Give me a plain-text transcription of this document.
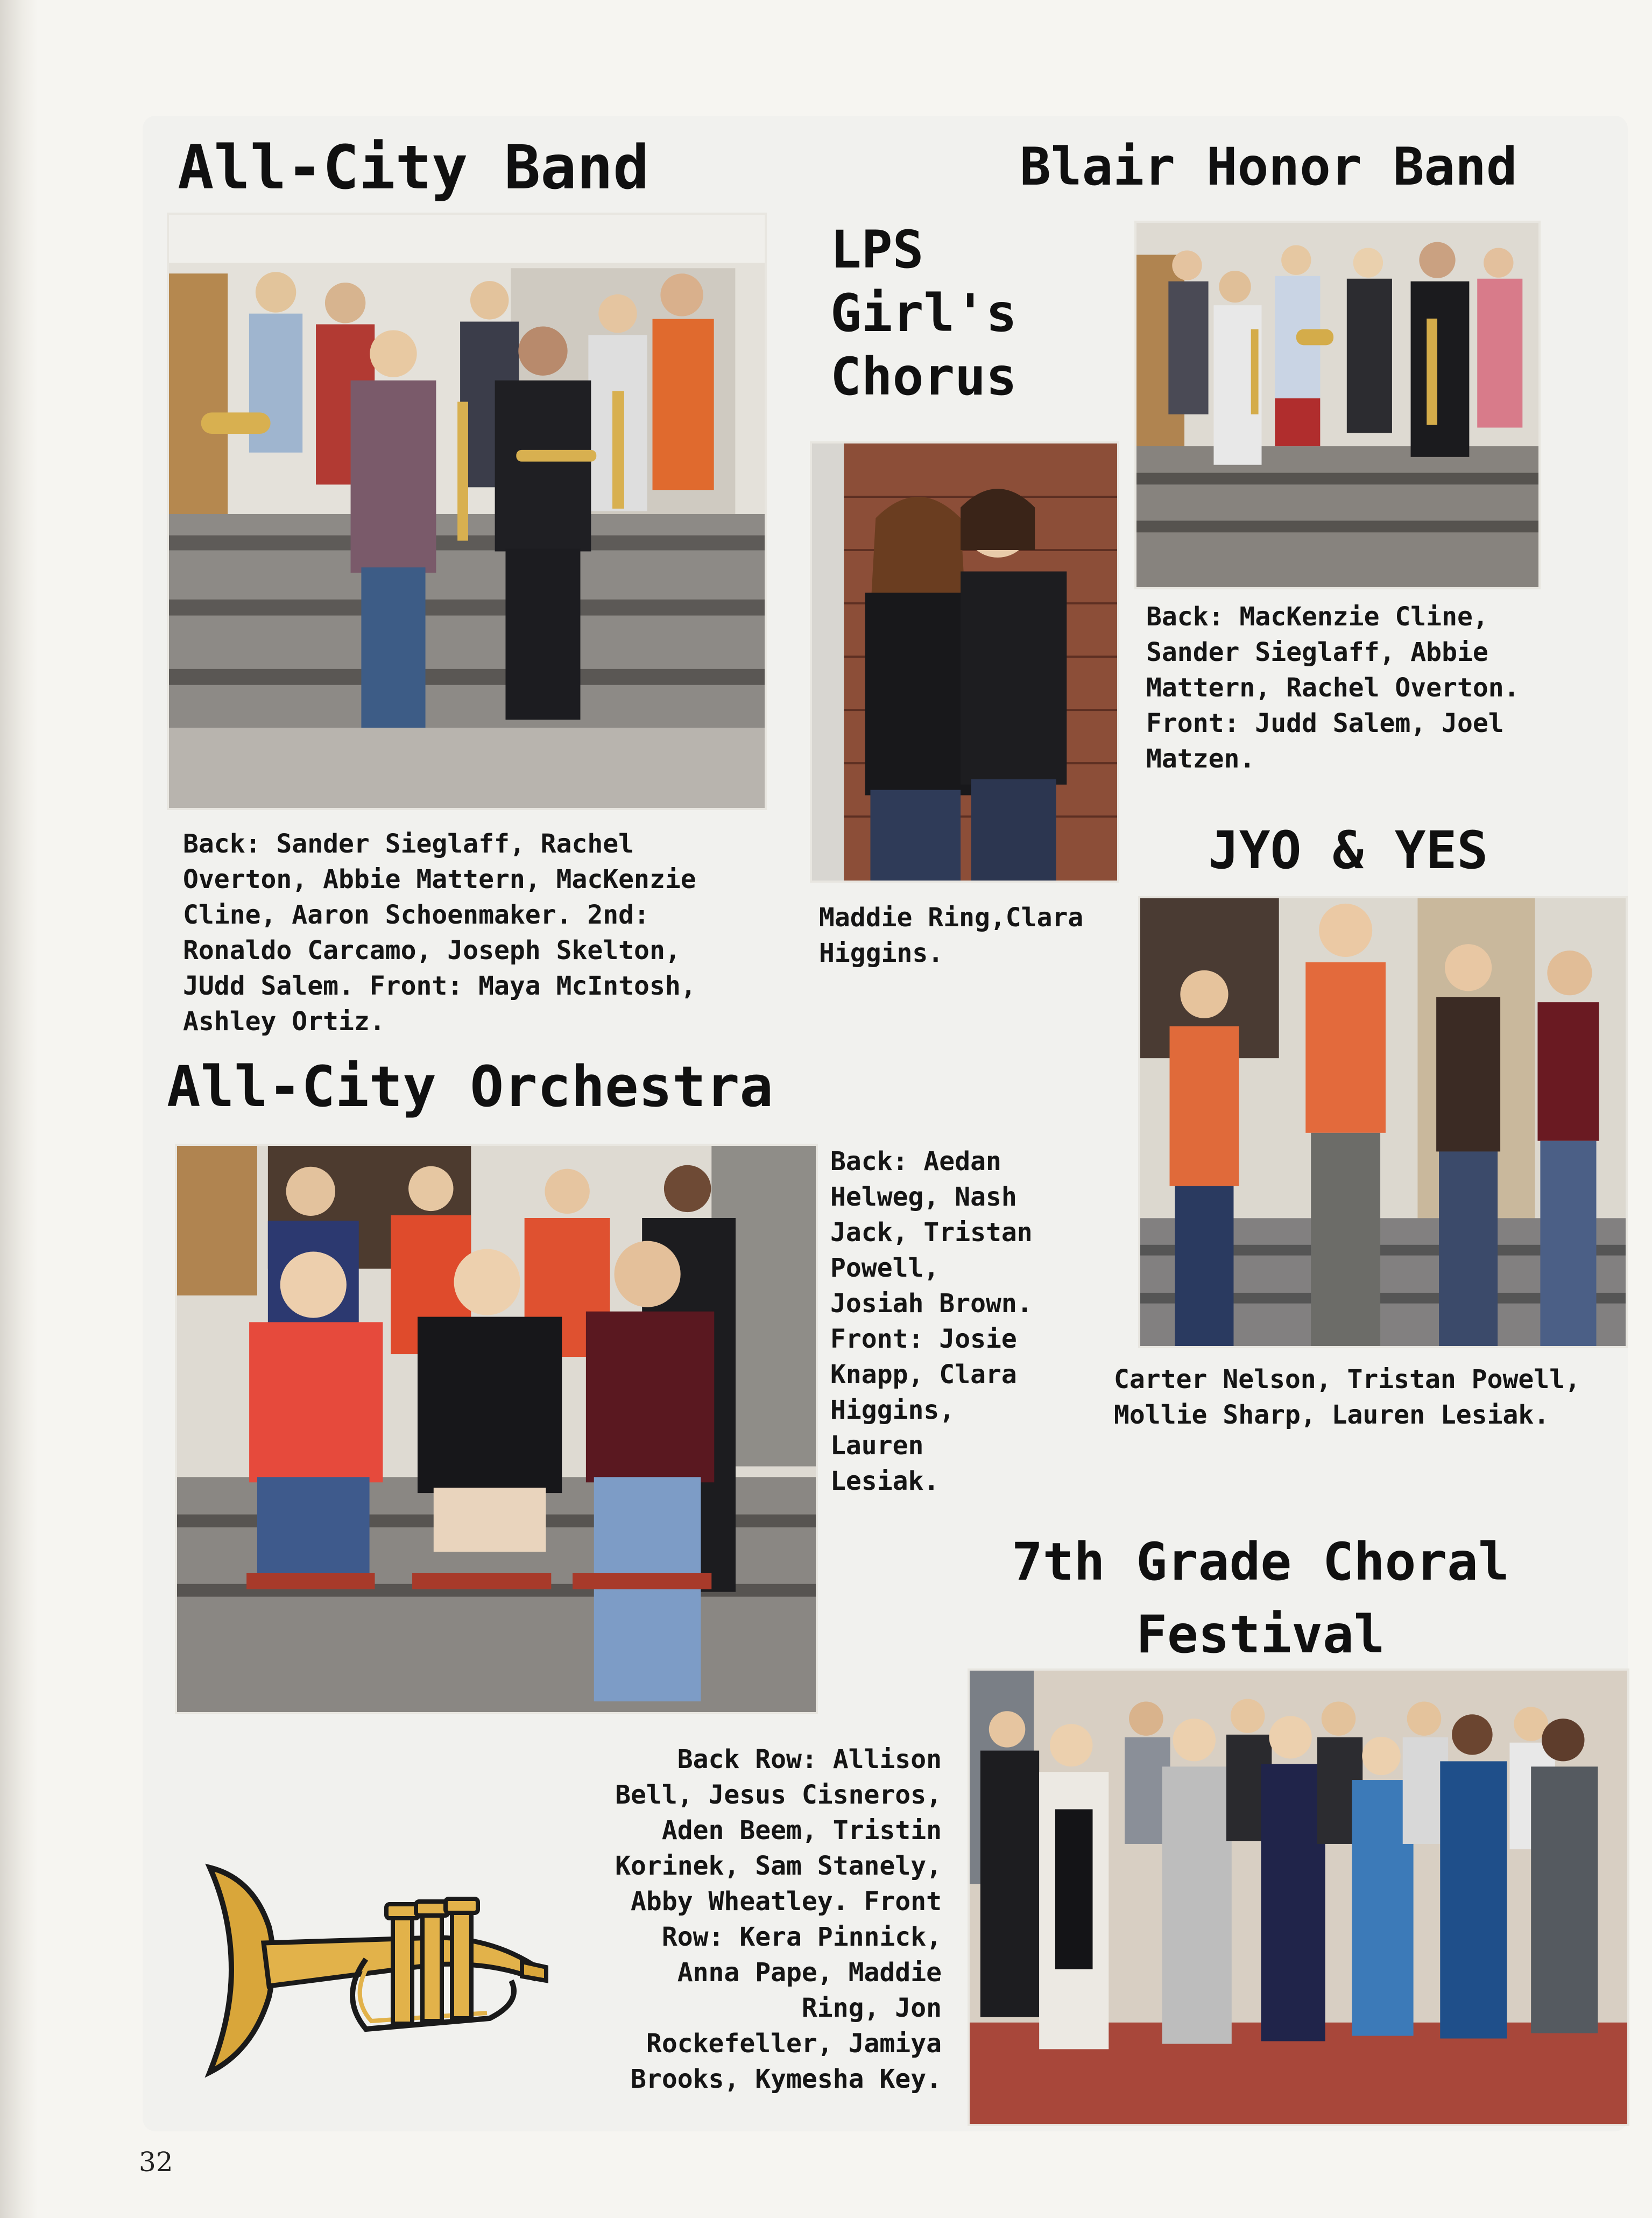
All-City Band

Back: Sander Sieglaff, Rachel
Overton, Abbie Mattern, MacKenzie
Cline, Aaron Schoenmaker. 2nd:
Ronaldo Carcamo, Joseph Skelton,
JUdd Salem. Front: Maya McIntosh,
Ashley Ortiz.

Blair Honor Band

Back: MacKenzie Cline,
Sander Sieglaff, Abbie
Mattern, Rachel Overton.
Front: Judd Salem, Joel
Matzen.

LPS
Girl's
Chorus

Maddie Ring,Clara
Higgins.

JYO & YES

Carter Nelson, Tristan Powell,
Mollie Sharp, Lauren Lesiak.

All-City Orchestra

Back: Aedan
Helweg, Nash
Jack, Tristan
Powell,
Josiah Brown.
Front: Josie
Knapp, Clara
Higgins,
Lauren
Lesiak.

7th Grade Choral
Festival

Back Row: Allison
Bell, Jesus Cisneros,
Aden Beem, Tristin
Korinek, Sam Stanely,
Abby Wheatley. Front
Row: Kera Pinnick,
Anna Pape, Maddie
Ring, Jon
Rockefeller, Jamiya
Brooks, Kymesha Key.

32
